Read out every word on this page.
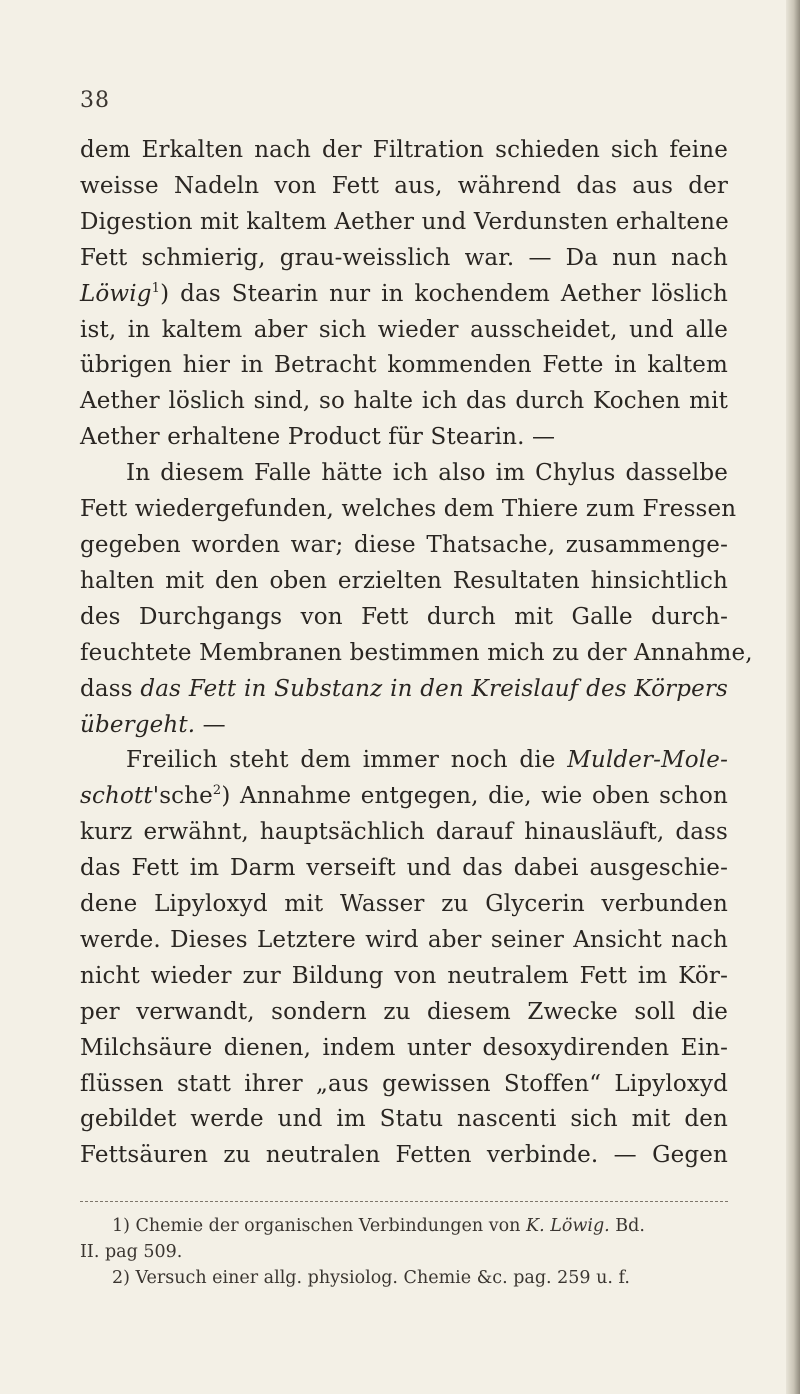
38
dem Erkalten nach der Filtration schieden sich feine
weisse Nadeln von Fett aus, während das aus der
Digestion mit kaltem Aether und Verdunsten erhaltene
Fett schmierig, grau-weisslich war. — Da nun nach
Löwig$^1$) das Stearin nur in kochendem Aether löslich
ist, in kaltem aber sich wieder ausscheidet, und alle
übrigen hier in Betracht kommenden Fette in kaltem
Aether löslich sind, so halte ich das durch Kochen mit
Aether erhaltene Product für Stearin. —
In diesem Falle hätte ich also im Chylus dasselbe
Fett wiedergefunden, welches dem Thiere zum Fressen
gegeben worden war; diese Thatsache, zusammenge-
halten mit den oben erzielten Resultaten hinsichtlich
des Durchgangs von Fett durch mit Galle durch-
feuchtete Membranen bestimmen mich zu der Annahme,
dass das Fett in Substanz in den Kreislauf des Körpers
übergeht. —
Freilich steht dem immer noch die Mulder-Mole-
schott'sche$^2$) Annahme entgegen, die, wie oben schon
kurz erwähnt, hauptsächlich darauf hinausläuft, dass
das Fett im Darm verseift und das dabei ausgeschie-
dene Lipyloxyd mit Wasser zu Glycerin verbunden
werde. Dieses Letztere wird aber seiner Ansicht nach
nicht wieder zur Bildung von neutralem Fett im Kör-
per verwandt, sondern zu diesem Zwecke soll die
Milchsäure dienen, indem unter desoxydirenden Ein-
flüssen statt ihrer „aus gewissen Stoffen“ Lipyloxyd
gebildet werde und im Statu nascenti sich mit den
Fettsäuren zu neutralen Fetten verbinde. — Gegen
1) Chemie der organischen Verbindungen von K. Löwig. Bd.
II. pag 509.
2) Versuch einer allg. physiolog. Chemie &c. pag. 259 u. f.
